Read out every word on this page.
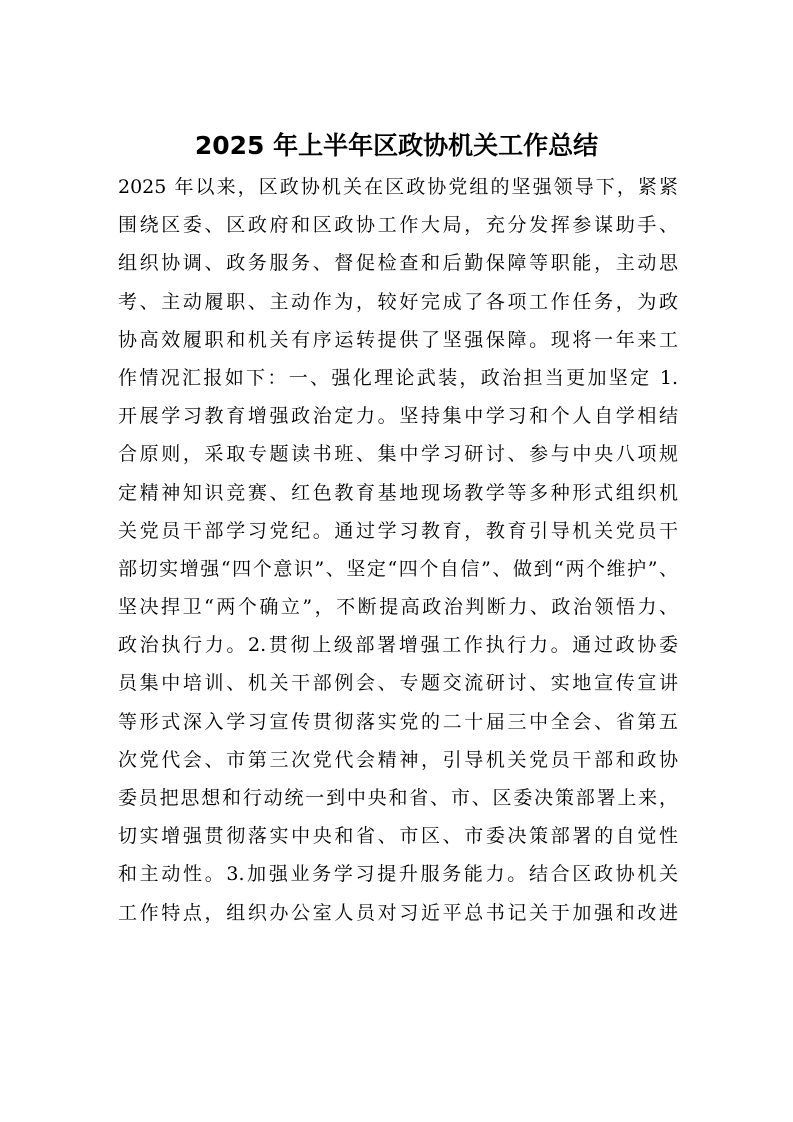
2025 年上半年区政协机关工作总结
2025 年以来，区政协机关在区政协党组的坚强领导下，紧紧
围绕区委、区政府和区政协工作大局，充分发挥参谋助手、
组织协调、政务服务、督促检查和后勤保障等职能，主动思
考、主动履职、主动作为，较好完成了各项工作任务，为政
协高效履职和机关有序运转提供了坚强保障。现将一年来工
作情况汇报如下：一、强化理论武装，政治担当更加坚定 1.
开展学习教育增强政治定力。坚持集中学习和个人自学相结
合原则，采取专题读书班、集中学习研讨、参与中央八项规
定精神知识竞赛、红色教育基地现场教学等多种形式组织机
关党员干部学习党纪。通过学习教育，教育引导机关党员干
部切实增强“四个意识”、坚定“四个自信”、做到“两个维护”、
坚决捍卫“两个确立”，不断提高政治判断力、政治领悟力、
政治执行力。2.贯彻上级部署增强工作执行力。通过政协委
员集中培训、机关干部例会、专题交流研讨、实地宣传宣讲
等形式深入学习宣传贯彻落实党的二十届三中全会、省第五
次党代会、市第三次党代会精神，引导机关党员干部和政协
委员把思想和行动统一到中央和省、市、区委决策部署上来，
切实增强贯彻落实中央和省、市区、市委决策部署的自觉性
和主动性。3.加强业务学习提升服务能力。结合区政协机关
工作特点，组织办公室人员对习近平总书记关于加强和改进
